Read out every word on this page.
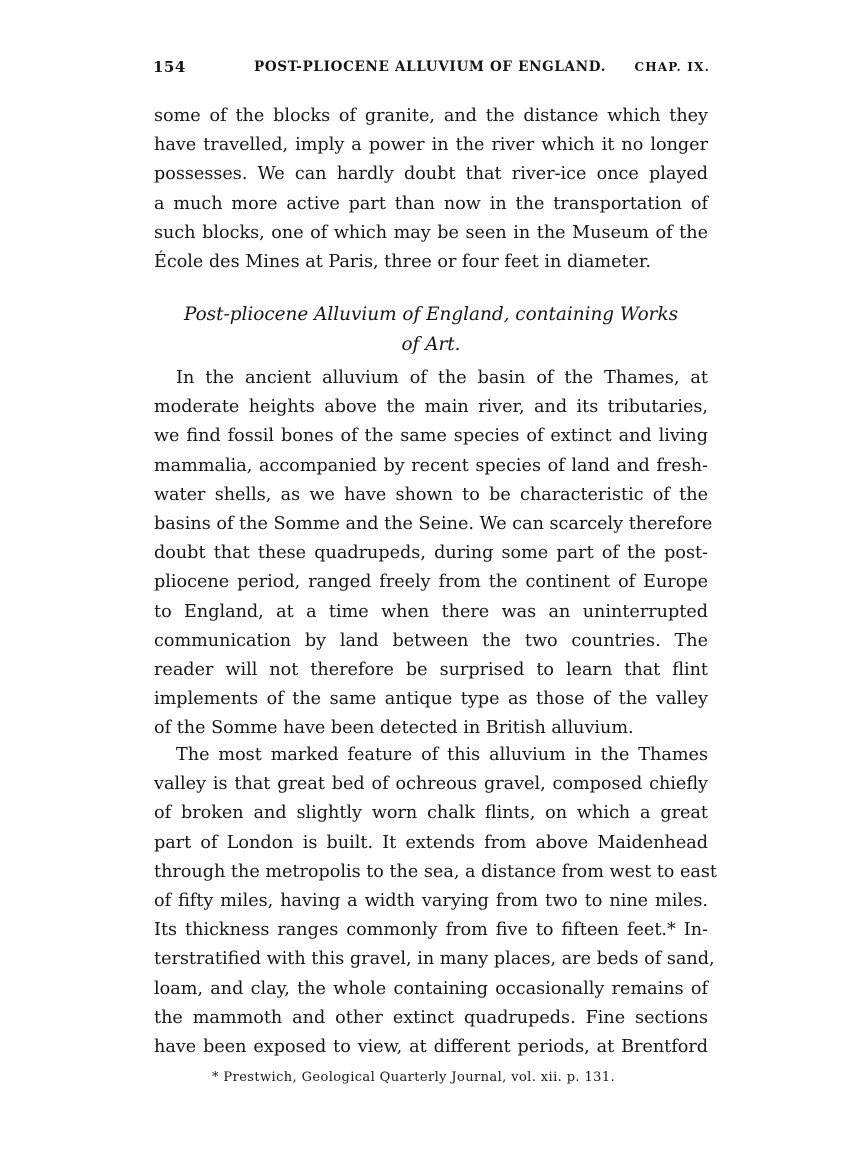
154	POST-PLIOCENE ALLUVIUM OF ENGLAND. CHAP. IX.
some of the blocks of granite, and the distance which they
have travelled, imply a power in the river which it no longer
possesses. We can hardly doubt that river-ice once played
a much more active part than now in the transportation of
such blocks, one of which may be seen in the Museum of the
École des Mines at Paris, three or four feet in diameter.
Post-pliocene Alluvium of England, containing Works
of Art.
In the ancient alluvium of the basin of the Thames, at
moderate heights above the main river, and its tributaries,
we find fossil bones of the same species of extinct and living
mammalia, accompanied by recent species of land and fresh-
water shells, as we have shown to be characteristic of the
basins of the Somme and the Seine. We can scarcely therefore
doubt that these quadrupeds, during some part of the post-
pliocene period, ranged freely from the continent of Europe
to England, at a time when there was an uninterrupted
communication by land between the two countries. The
reader will not therefore be surprised to learn that flint
implements of the same antique type as those of the valley
of the Somme have been detected in British alluvium.
The most marked feature of this alluvium in the Thames
valley is that great bed of ochreous gravel, composed chiefly
of broken and slightly worn chalk flints, on which a great
part of London is built. It extends from above Maidenhead
through the metropolis to the sea, a distance from west to east
of fifty miles, having a width varying from two to nine miles.
Its thickness ranges commonly from five to fifteen feet.* In-
terstratified with this gravel, in many places, are beds of sand,
loam, and clay, the whole containing occasionally remains of
the mammoth and other extinct quadrupeds. Fine sections
have been exposed to view, at different periods, at Brentford
* Prestwich, Geological Quarterly Journal, vol. xii. p. 131.
